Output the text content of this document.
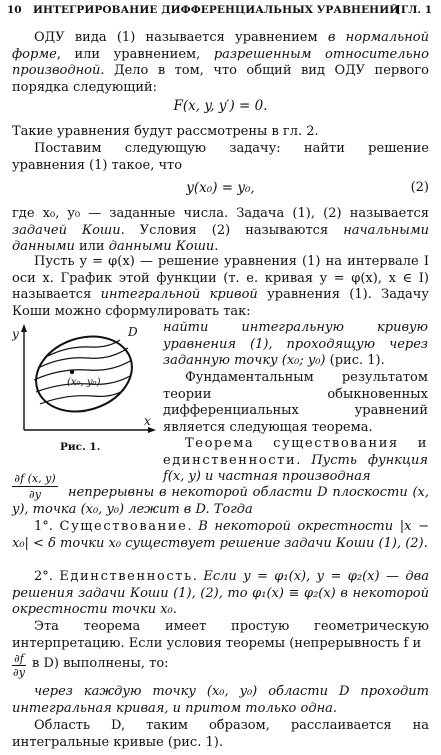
10 ИНТЕГРИРОВАНИЕ ДИФФЕРЕНЦИАЛЬНЫХ УРАВНЕНИЙ
[ГЛ. 1
ОДУ вида (1) называется уравнением в нормальной форме, или уравнением, разрешенным относительно производной. Дело в том, что общий вид ОДУ первого порядка следующий:
F(x, y, y′) = 0.
Такие уравнения будут рассмотрены в гл. 2.
Поставим следующую задачу: найти решение уравнения (1) такое, что
y(x₀) = y₀,	(2)
где x₀, y₀ — заданные числа. Задача (1), (2) называется задачей Коши. Условия (2) называются начальными данными или данными Коши.
Пусть y = φ(x) — решение уравнения (1) на интервале I оси x. График этой функции (т. е. кривая y = φ(x), x ∈ I) называется интегральной кривой уравнения (1). Задачу Коши можно сформулировать так:
D
y
x
(x₀, y₀)
Рис. 1.
найти интегральную кривую уравнения (1), проходящую через заданную точку (x₀; y₀) (рис. 1).
Фундаментальным результатом теории обыкновенных дифференциальных уравнений является следующая теорема.
Теорема существования и единственности. Пусть функция f(x, y) и частная производная
$\frac{\partial f (x, y)}{\partial y}$ непрерывны в некоторой области D плоскости (x, y), точка (x₀, y₀) лежит в D. Тогда
1°. Существование. В некоторой окрестности |x − x₀| < δ точки x₀ существует решение задачи Коши (1), (2).
2°. Единственность. Если y = φ₁(x), y = φ₂(x) — два решения задачи Коши (1), (2), то φ₁(x) ≡ φ₂(x) в некоторой окрестности точки x₀.
Эта теорема имеет простую геометрическую интерпретацию. Если условия теоремы (непрерывность f и
∂f
∂y
в D) выполнены, то:
через каждую точку (x₀, y₀) области D проходит интегральная кривая, и притом только одна.
Область D, таким образом, расслаивается на интегральные кривые (рис. 1).
